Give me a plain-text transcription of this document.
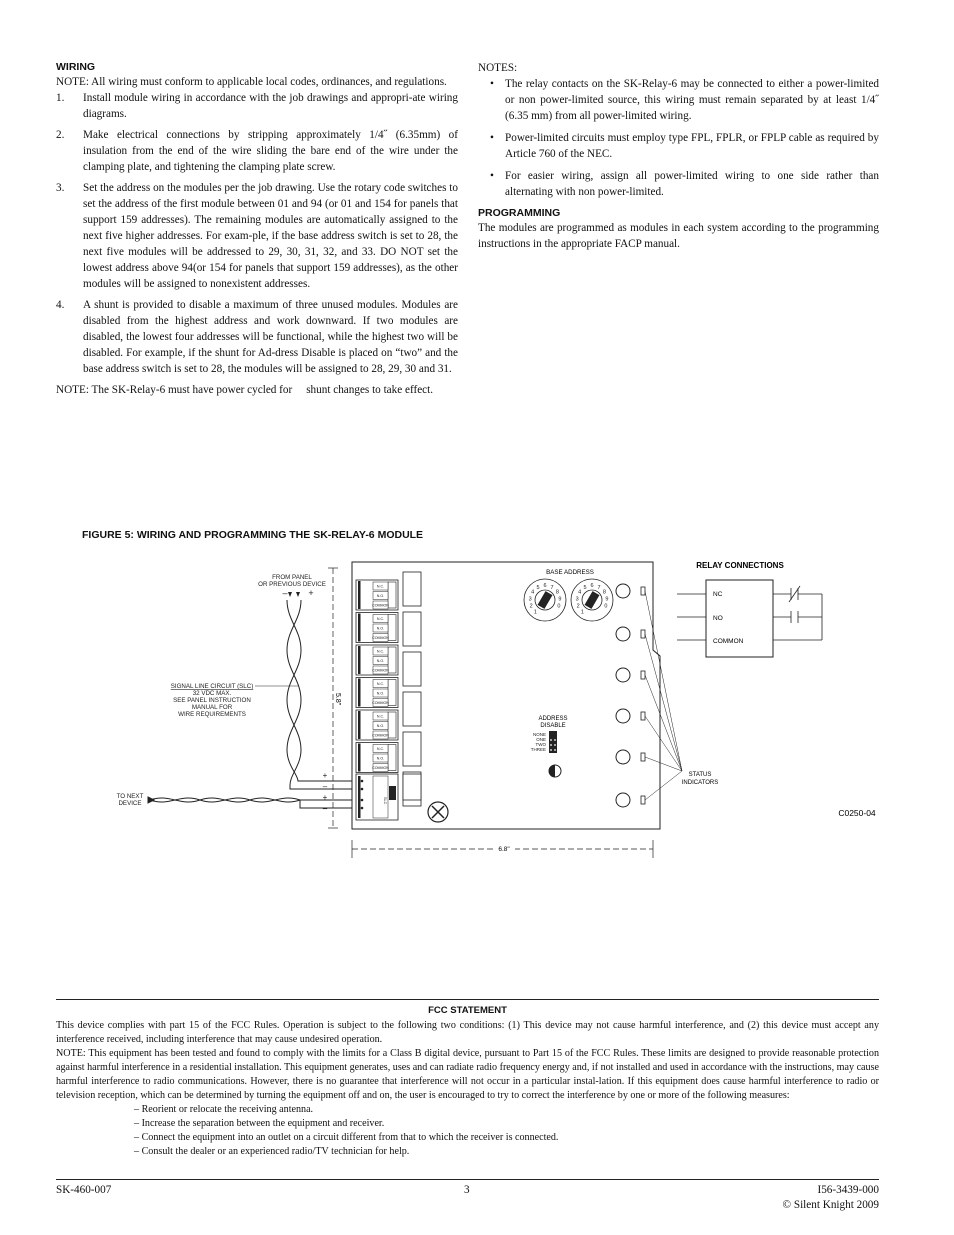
WIRING

NOTE: All wiring must conform to applicable local codes, ordinances, and regulations.

1. Install module wiring in accordance with the job drawings and appropri-ate wiring diagrams.
2. Make electrical connections by stripping approximately 1/4˝ (6.35mm) of insulation from the end of the wire sliding the bare end of the wire under the clamping plate, and tightening the clamping plate screw.
3. Set the address on the modules per the job drawing. Use the rotary code switches to set the address of the first module between 01 and 94 (or 01 and 154 for panels that support 159 addresses). The remaining modules are automatically assigned to the next five higher addresses. For exam-ple, if the base address switch is set to 28, the next five modules will be addressed to 29, 30, 31, 32, and 33. DO NOT set the lowest address above 94(or 154 for panels that support 159 addresses), as the other modules will be assigned to nonexistent addresses.
4. A shunt is provided to disable a maximum of three unused modules. Modules are disabled from the highest address and work downward. If two modules are disabled, the lowest four addresses will be functional, while the highest two will be disabled. For example, if the shunt for Ad-dress Disable is placed on “two” and the base address switch is set to 28, the modules will be assigned to 28, 29, 30 and 31.

NOTE: The SK-Relay-6 must have power cycled for     shunt changes to take effect.

NOTES:

• The relay contacts on the SK-Relay-6 may be connected to either a power-limited or non power-limited source, this wiring must remain separated by at least 1/4˝ (6.35 mm) from all power-limited wiring.
• Power-limited circuits must employ type FPL, FPLR, or FPLP cable as required by Article 760 of the NEC.
• For easier wiring, assign all power-limited wiring to one side rather than alternating with non power-limited.
PROGRAMMING

The modules are programmed as modules in each system according to the programming instructions in the appropriate FACP manual.

FIGURE 5: WIRING AND PROGRAMMING THE SK-RELAY-6 MODULE
FROM PANEL
OR PREVIOUS DEVICE
– +
SIGNAL LINE CIRCUIT (SLC)
32 VDC MAX.
SEE PANEL INSTRUCTION
MANUAL FOR
WIRE REQUIREMENTS
TO NEXT
DEVICE
5.8"
N.C.
N.O.
COMMON
N.C.
N.O.
COMMON
N.C.
N.O.
COMMON
N.C.
N.O.
COMMON
N.C.
N.O.
COMMON
N.C.
N.O.
COMMON
SLC
+
–
+
–
BASE ADDRESS
1
2
3
4
5 6 7
8
9
0
1
2
3
4
5 6 7
8
9
0
ADDRESS
DISABLE
NONE
ONE
TWO
THREE
STATUS
INDICATORS
6.8"
RELAY CONNECTIONS
NC
NO
COMMON
C0250-04
FCC STATEMENT

This device complies with part 15 of the FCC Rules. Operation is subject to the following two conditions: (1) This device may not cause harmful interference, and (2) this device must accept any interference received, including interference that may cause undesired operation.

NOTE: This equipment has been tested and found to comply with the limits for a Class B digital device, pursuant to Part 15 of the FCC Rules. These limits are designed to provide reasonable protection against harmful interference in a residential installation. This equipment generates, uses and can radiate radio frequency energy and, if not installed and used in accordance with the instructions, may cause harmful interference to radio communications. However, there is no guarantee that interference will not occur in a particular instal-lation. If this equipment does cause harmful interference to radio or television reception, which can be determined by turning the equipment off and on, the user is encouraged to try to correct the interference by one or more of the following measures:

– Reorient or relocate the receiving antenna.

– Increase the separation between the equipment and receiver.

– Connect the equipment into an outlet on a circuit different from that to which the receiver is connected.

– Consult the dealer or an experienced radio/TV technician for help.

SK-460-007	3	I56-3439-000
© Silent Knight 2009
